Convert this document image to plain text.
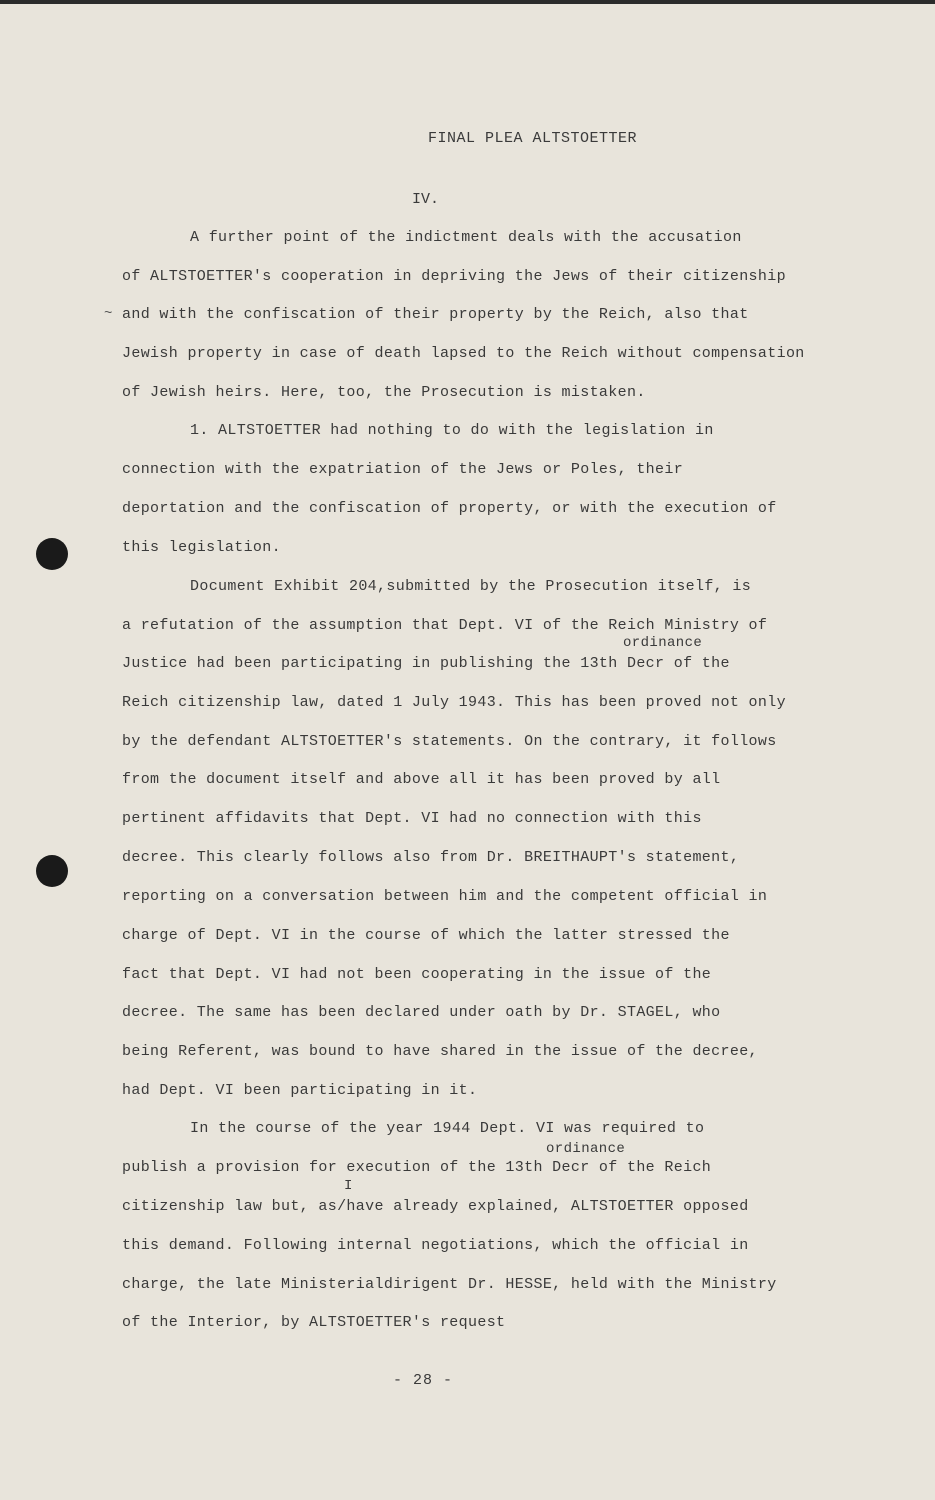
~
FINAL PLEA ALTSTOETTER
IV.
A further point of the indictment deals with the accusation
of ALTSTOETTER's cooperation in depriving the Jews of their citizenship
and with the confiscation of their property by the Reich, also that
Jewish property in case of death lapsed to the Reich without compensation
of Jewish heirs. Here, too, the Prosecution is mistaken.
1. ALTSTOETTER had nothing to do with the legislation in
connection with the expatriation of the Jews or Poles, their
deportation and the confiscation of property, or with the execution of
this legislation.
Document Exhibit 204,submitted by the Prosecution itself, is
a refutation of the assumption that Dept. VI of the Reich Ministry of
ordinance
Justice had been participating in publishing the 13th Decr of the
Reich citizenship law, dated 1 July 1943. This has been proved not only
by the defendant ALTSTOETTER's statements. On the contrary, it follows
from the document itself and above all it has been proved by all
pertinent affidavits that Dept. VI had no connection with this
decree. This clearly follows also from Dr. BREITHAUPT's statement,
reporting on a conversation between him and the competent official in
charge of Dept. VI in the course of which the latter stressed the
fact that Dept. VI had not been cooperating in the issue of the
decree. The same has been declared under oath by Dr. STAGEL, who
being Referent, was bound to have shared in the issue of the decree,
had Dept. VI been participating in it.
In the course of the year 1944 Dept. VI was required to
ordinance
publish a provision for execution of the 13th Decr of the Reich
I
citizenship law but, as/have already explained, ALTSTOETTER opposed
this demand. Following internal negotiations, which the official in
charge, the late Ministerialdirigent Dr. HESSE, held with the Ministry
of the Interior, by ALTSTOETTER's request
- 28 -
